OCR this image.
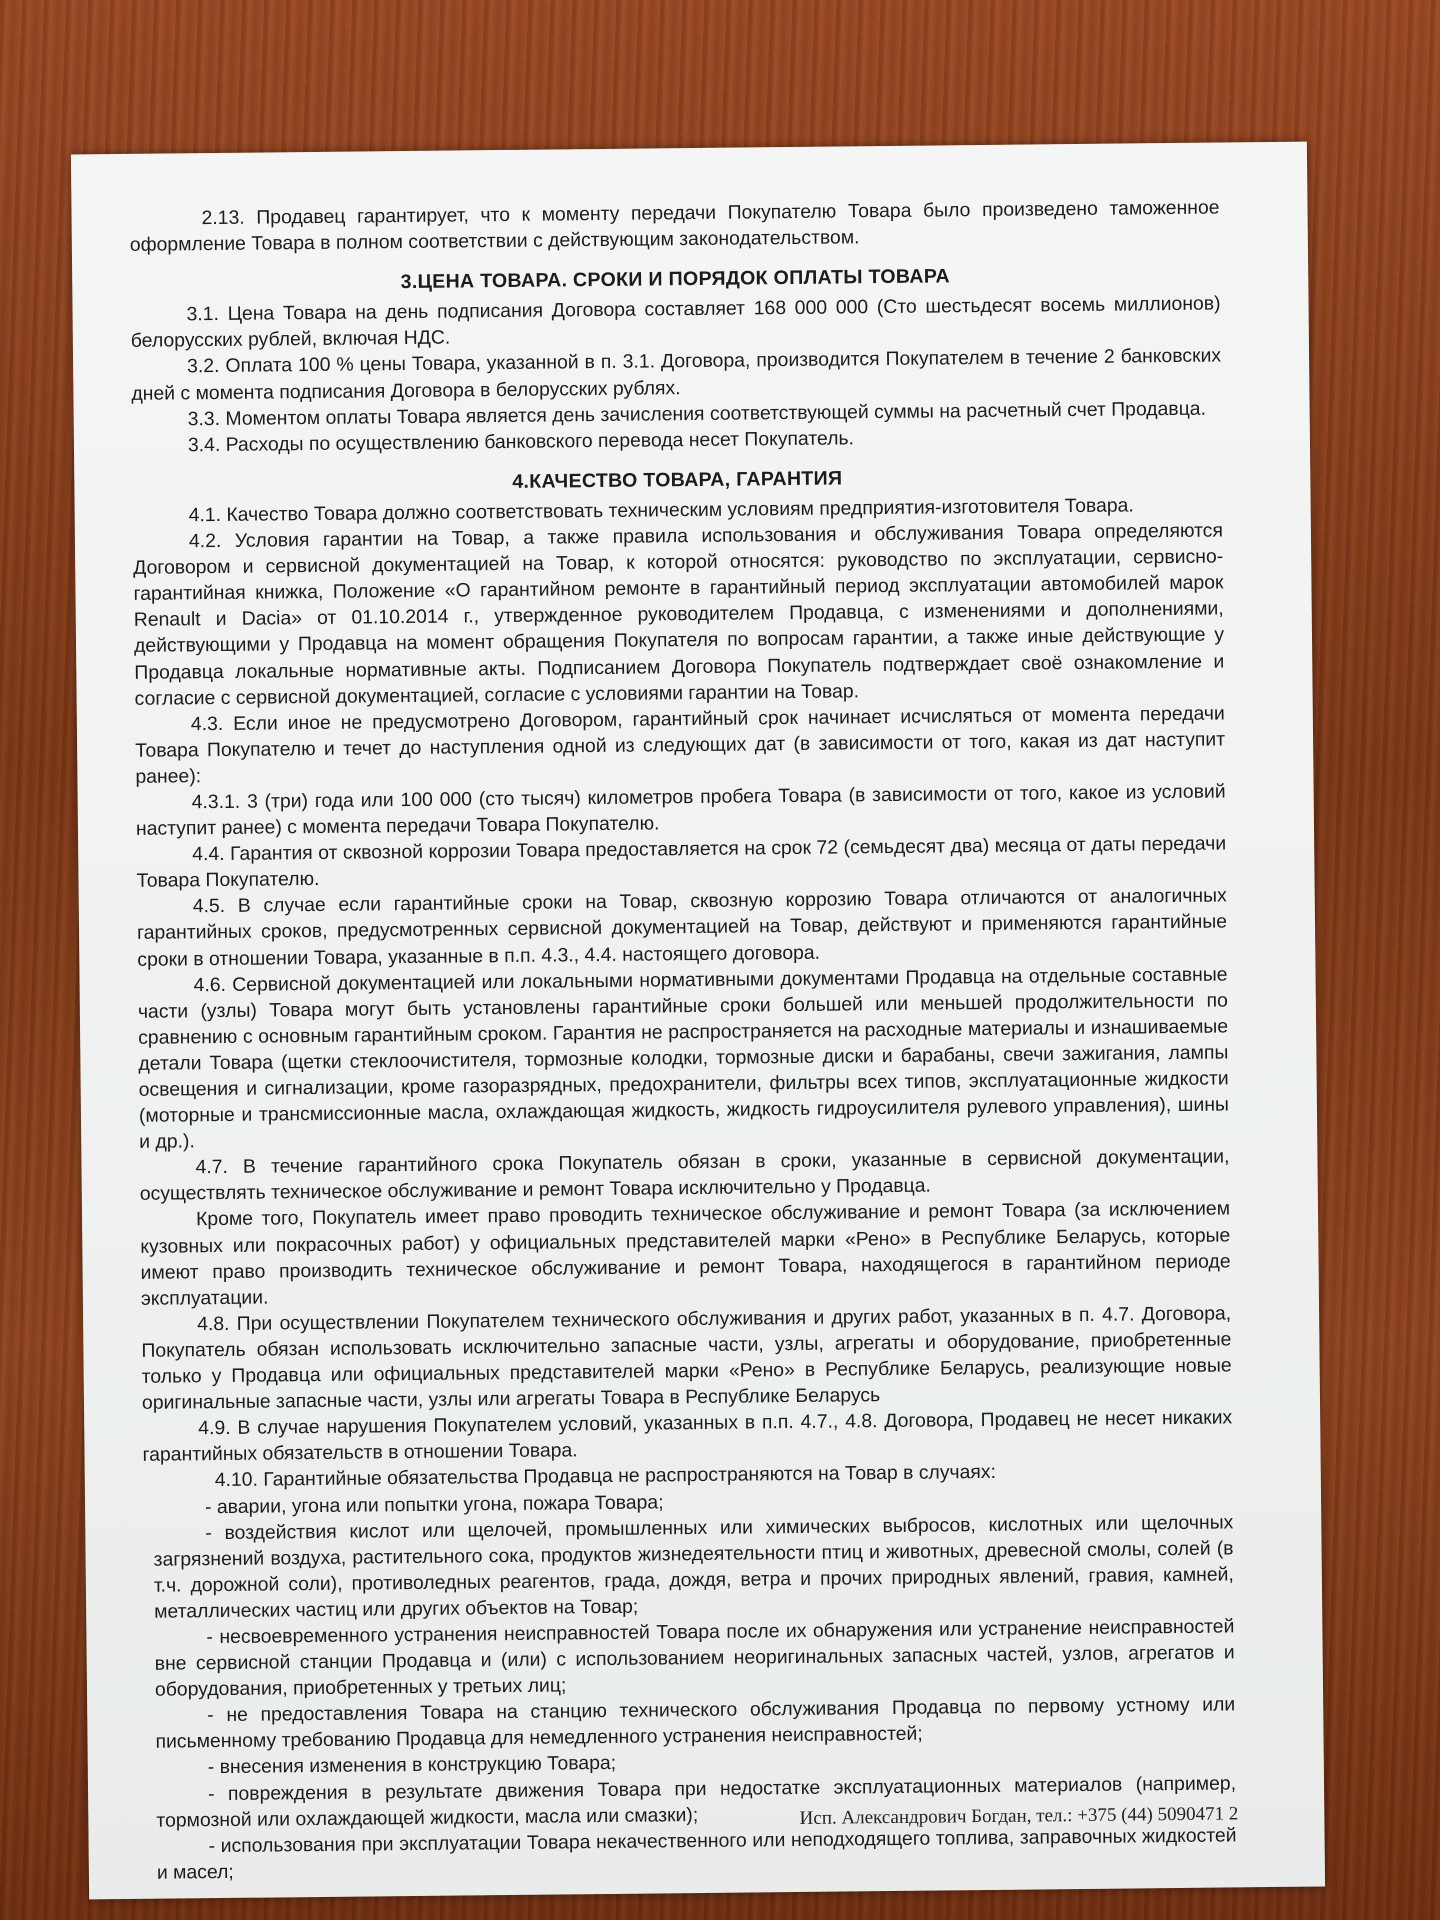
2.13. Продавец гарантирует, что к моменту передачи Покупателю Товара было произведено таможенное оформление Товара в полном соответствии с действующим законодательством.

3.ЦЕНА ТОВАРА. СРОКИ И ПОРЯДОК ОПЛАТЫ ТОВАРА

3.1. Цена Товара на день подписания Договора составляет 168 000 000 (Сто шестьдесят восемь миллионов) белорусских рублей, включая НДС.

3.2. Оплата 100 % цены Товара, указанной в п. 3.1. Договора, производится Покупателем в течение 2 банковских дней с момента подписания Договора в белорусских рублях.

3.3. Моментом оплаты Товара является день зачисления соответствующей суммы на расчетный счет Продавца.

3.4. Расходы по осуществлению банковского перевода несет Покупатель.

4.КАЧЕСТВО ТОВАРА, ГАРАНТИЯ

4.1. Качество Товара должно соответствовать техническим условиям предприятия-изготовителя Товара.

4.2. Условия гарантии на Товар, а также правила использования и обслуживания Товара определяются Договором и сервисной документацией на Товар, к которой относятся: руководство по эксплуатации, сервисно-гарантийная книжка, Положение «О гарантийном ремонте в гарантийный период эксплуатации автомобилей марок Renault и Dacia» от 01.10.2014 г., утвержденное руководителем Продавца, с изменениями и дополнениями, действующими у Продавца на момент обращения Покупателя по вопросам гарантии, а также иные действующие у Продавца локальные нормативные акты. Подписанием Договора Покупатель подтверждает своё ознакомление и согласие с сервисной документацией, согласие с условиями гарантии на Товар.

4.3. Если иное не предусмотрено Договором, гарантийный срок начинает исчисляться от момента передачи Товара Покупателю и течет до наступления одной из следующих дат (в зависимости от того, какая из дат наступит ранее):

4.3.1. 3 (три) года или 100 000 (сто тысяч) километров пробега Товара (в зависимости от того, какое из условий наступит ранее) с момента передачи Товара Покупателю.

4.4. Гарантия от сквозной коррозии Товара предоставляется на срок 72 (семьдесят два) месяца от даты передачи Товара Покупателю.

4.5. В случае если гарантийные сроки на Товар, сквозную коррозию Товара отличаются от аналогичных гарантийных сроков, предусмотренных сервисной документацией на Товар, действуют и применяются гарантийные сроки в отношении Товара, указанные в п.п. 4.3., 4.4. настоящего договора.

4.6. Сервисной документацией или локальными нормативными документами Продавца на отдельные составные части (узлы) Товара могут быть установлены гарантийные сроки большей или меньшей продолжительности по сравнению с основным гарантийным сроком. Гарантия не распространяется на расходные материалы и изнашиваемые детали Товара (щетки стеклоочистителя, тормозные колодки, тормозные диски и барабаны, свечи зажигания, лампы освещения и сигнализации, кроме газоразрядных, предохранители, фильтры всех типов, эксплуатационные жидкости (моторные и трансмиссионные масла, охлаждающая жидкость, жидкость гидроусилителя рулевого управления), шины и др.).

4.7. В течение гарантийного срока Покупатель обязан в сроки, указанные в сервисной документации, осуществлять техническое обслуживание и ремонт Товара исключительно у Продавца.

Кроме того, Покупатель имеет право проводить техническое обслуживание и ремонт Товара (за исключением кузовных или покрасочных работ) у официальных представителей марки «Рено» в Республике Беларусь, которые имеют право производить техническое обслуживание и ремонт Товара, находящегося в гарантийном периоде эксплуатации.

4.8. При осуществлении Покупателем технического обслуживания и других работ, указанных в п. 4.7. Договора, Покупатель обязан использовать исключительно запасные части, узлы, агрегаты и оборудование, приобретенные только у Продавца или официальных представителей марки «Рено» в Республике Беларусь, реализующие новые оригинальные запасные части, узлы или агрегаты Товара в Республике Беларусь

4.9. В случае нарушения Покупателем условий, указанных в п.п. 4.7., 4.8. Договора, Продавец не несет никаких гарантийных обязательств в отношении Товара.

4.10. Гарантийные обязательства Продавца не распространяются на Товар в случаях:

- аварии, угона или попытки угона, пожара Товара;

- воздействия кислот или щелочей, промышленных или химических выбросов, кислотных или щелочных загрязнений воздуха, растительного сока, продуктов жизнедеятельности птиц и животных, древесной смолы, солей (в т.ч. дорожной соли), противоледных реагентов, града, дождя, ветра и прочих природных явлений, гравия, камней, металлических частиц или других объектов на Товар;

- несвоевременного устранения неисправностей Товара после их обнаружения или устранение неисправностей вне сервисной станции Продавца и (или) с использованием неоригинальных запасных частей, узлов, агрегатов и оборудования, приобретенных у третьих лиц;

- не предоставления Товара на станцию технического обслуживания Продавца по первому устному или письменному требованию Продавца для немедленного устранения неисправностей;

- внесения изменения в конструкцию Товара;

- повреждения в результате движения Товара при недостатке эксплуатационных материалов (например, тормозной или охлаждающей жидкости, масла или смазки);

- использования при эксплуатации Товара некачественного или неподходящего топлива, заправочных жидкостей и масел;

Исп. Александрович Богдан, тел.: +375 (44) 5090471 2
